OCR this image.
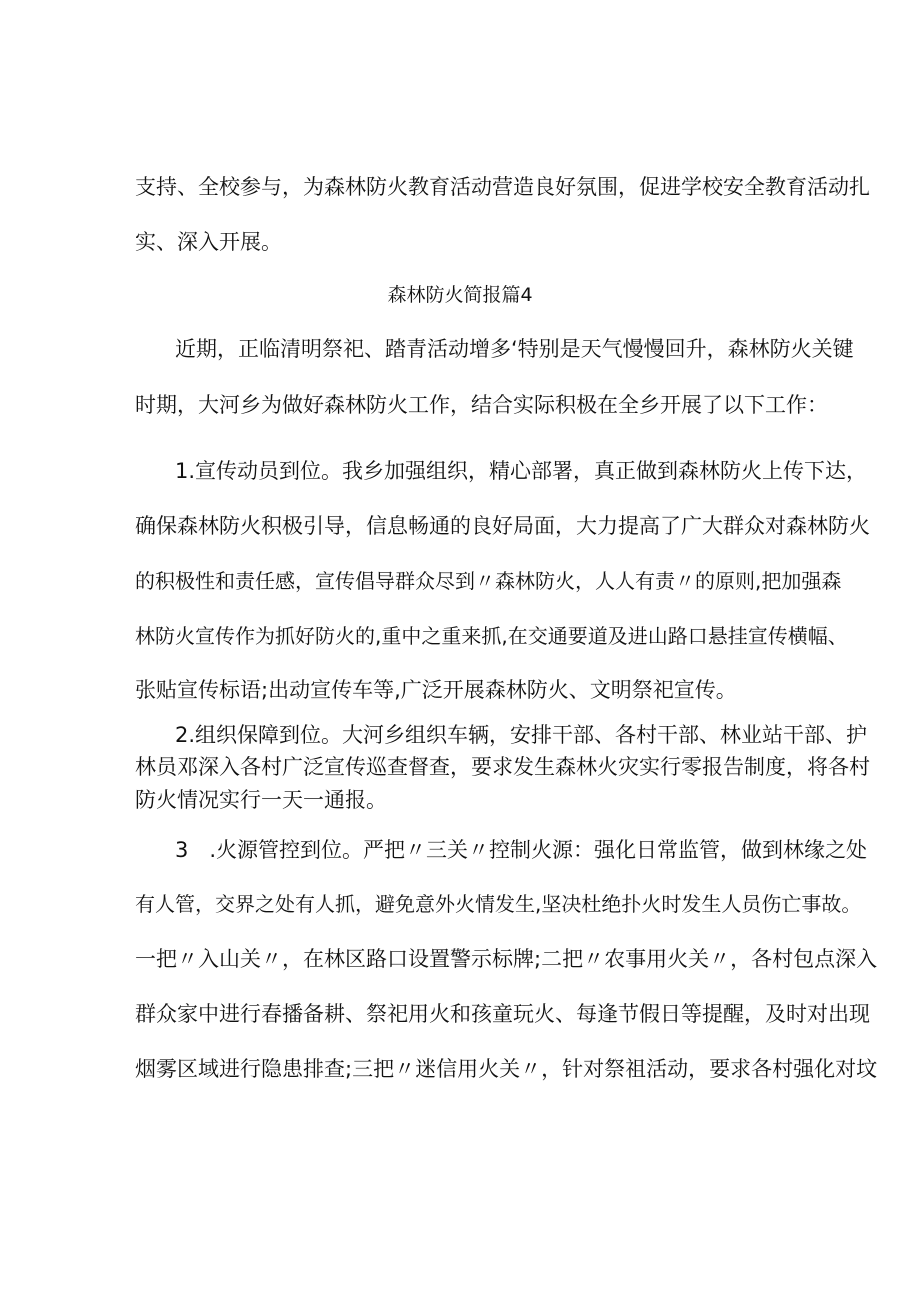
支持、全校参与，为森林防火教育活动营造良好氛围，促进学校安全教育活动扎
实、深入开展。
森林防火简报篇4
近期，正临清明祭祀、踏青活动增多‘特别是天气慢慢回升，森林防火关键
时期，大河乡为做好森林防火工作，结合实际积极在全乡开展了以下工作：
1.宣传动员到位。我乡加强组织，精心部署，真正做到森林防火上传下达，
确保森林防火积极引导，信息畅通的良好局面，大力提高了广大群众对森林防火
的积极性和责任感，宣传倡导群众尽到〃森林防火，人人有责〃的原则,把加强森
林防火宣传作为抓好防火的,重中之重来抓,在交通要道及进山路口悬挂宣传横幅、
张贴宣传标语;出动宣传车等,广泛开展森林防火、文明祭祀宣传。
2.组织保障到位。大河乡组织车辆，安排干部、各村干部、林业站干部、护
林员邓深入各村广泛宣传巡查督查，要求发生森林火灾实行零报告制度，将各村
防火情况实行一天一通报。
3　.火源管控到位。严把〃三关〃控制火源：强化日常监管，做到林缘之处
有人管，交界之处有人抓，避免意外火情发生,坚决杜绝扑火时发生人员伤亡事故。
一把〃入山关〃，在林区路口设置警示标牌;二把〃农事用火关〃，各村包点深入
群众家中进行春播备耕、祭祀用火和孩童玩火、每逢节假日等提醒，及时对出现
烟雾区域进行隐患排查;三把〃迷信用火关〃，针对祭祖活动，要求各村强化对坟
